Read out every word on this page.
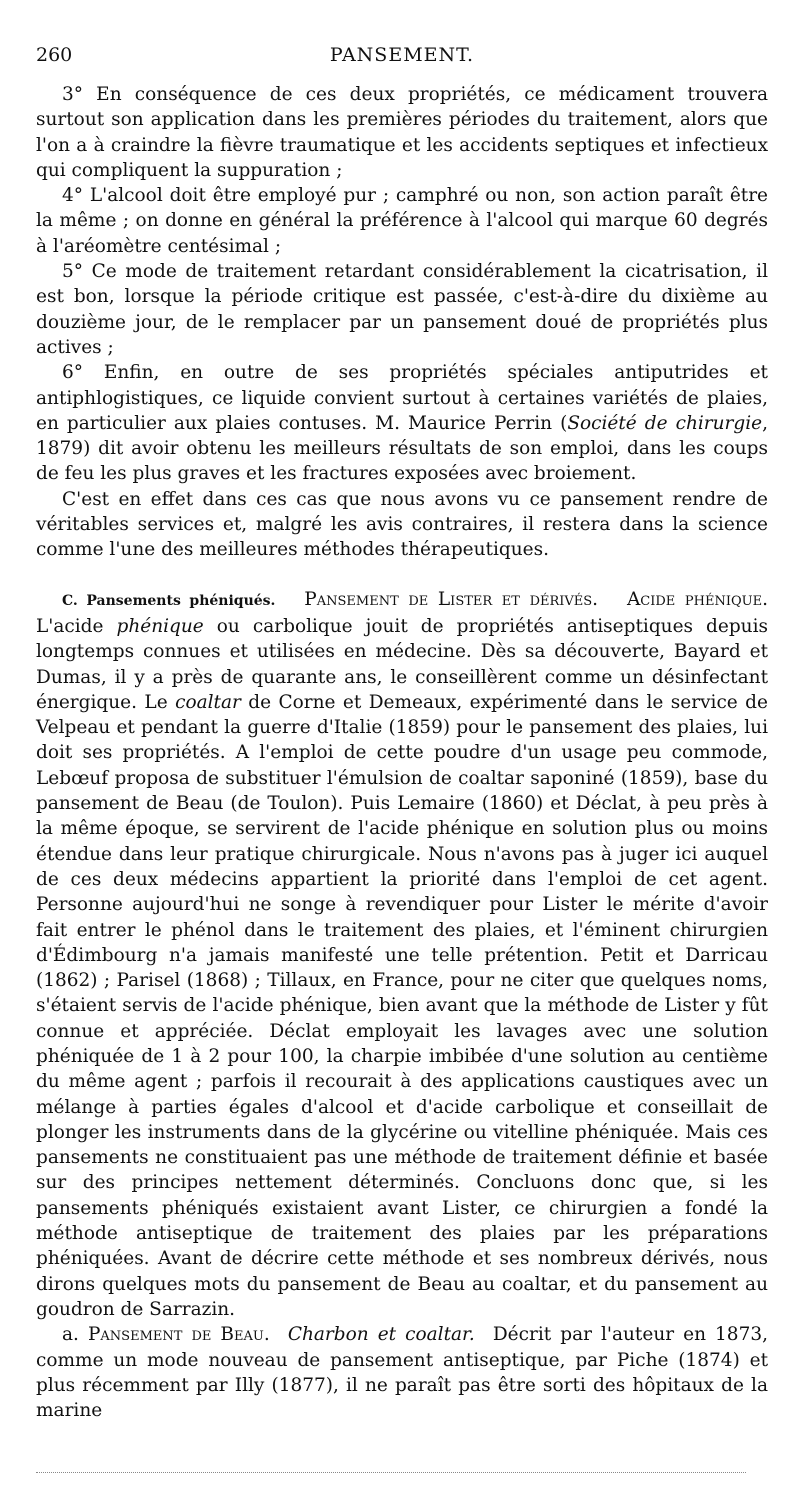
PANSEMENT.
260

3° En conséquence de ces deux propriétés, ce médicament trouvera surtout son application dans les premières périodes du traitement, alors que l'on a à craindre la fièvre traumatique et les accidents septiques et infectieux qui compliquent la suppuration ;

4° L'alcool doit être employé pur ; camphré ou non, son action paraît être la même ; on donne en général la préférence à l'alcool qui marque 60 degrés à l'aréomètre centésimal ;

5° Ce mode de traitement retardant considérablement la cicatrisation, il est bon, lorsque la période critique est passée, c'est-à-dire du dixième au douzième jour, de le remplacer par un pansement doué de propriétés plus actives ;

6° Enfin, en outre de ses propriétés spéciales antiputrides et antiphlogistiques, ce liquide convient surtout à certaines variétés de plaies, en particulier aux plaies contuses. M. Maurice Perrin (Société de chirurgie, 1879) dit avoir obtenu les meilleurs résultats de son emploi, dans les coups de feu les plus graves et les fractures exposées avec broiement.

C'est en effet dans ces cas que nous avons vu ce pansement rendre de véritables services et, malgré les avis contraires, il restera dans la science comme l'une des meilleures méthodes thérapeutiques.

C. Pansements phéniqués. Pansement de Lister et dérivés. Acide phénique. L'acide phénique ou carbolique jouit de propriétés antiseptiques depuis longtemps connues et utilisées en médecine. Dès sa découverte, Bayard et Dumas, il y a près de quarante ans, le conseillèrent comme un désinfectant énergique. Le coaltar de Corne et Demeaux, expérimenté dans le service de Velpeau et pendant la guerre d'Italie (1859) pour le pansement des plaies, lui doit ses propriétés. A l'emploi de cette poudre d'un usage peu commode, Lebœuf proposa de substituer l'émulsion de coaltar saponiné (1859), base du pansement de Beau (de Toulon). Puis Lemaire (1860) et Déclat, à peu près à la même époque, se servirent de l'acide phénique en solution plus ou moins étendue dans leur pratique chirurgicale. Nous n'avons pas à juger ici auquel de ces deux médecins appartient la priorité dans l'emploi de cet agent. Personne aujourd'hui ne songe à revendiquer pour Lister le mérite d'avoir fait entrer le phénol dans le traitement des plaies, et l'éminent chirurgien d'Édimbourg n'a jamais manifesté une telle prétention. Petit et Darricau (1862) ; Parisel (1868) ; Tillaux, en France, pour ne citer que quelques noms, s'étaient servis de l'acide phénique, bien avant que la méthode de Lister y fût connue et appréciée. Déclat employait les lavages avec une solution phéniquée de 1 à 2 pour 100, la charpie imbibée d'une solution au centième du même agent ; parfois il recourait à des applications caustiques avec un mélange à parties égales d'alcool et d'acide carbolique et conseillait de plonger les instruments dans de la glycérine ou vitelline phéniquée. Mais ces pansements ne constituaient pas une méthode de traitement définie et basée sur des principes nettement déterminés. Concluons donc que, si les pansements phéniqués existaient avant Lister, ce chirurgien a fondé la méthode antiseptique de traitement des plaies par les préparations phéniquées. Avant de décrire cette méthode et ses nombreux dérivés, nous dirons quelques mots du pansement de Beau au coaltar, et du pansement au goudron de Sarrazin.

a. Pansement de Beau. Charbon et coaltar. Décrit par l'auteur en 1873, comme un mode nouveau de pansement antiseptique, par Piche (1874) et plus récemment par Illy (1877), il ne paraît pas être sorti des hôpitaux de la marine
